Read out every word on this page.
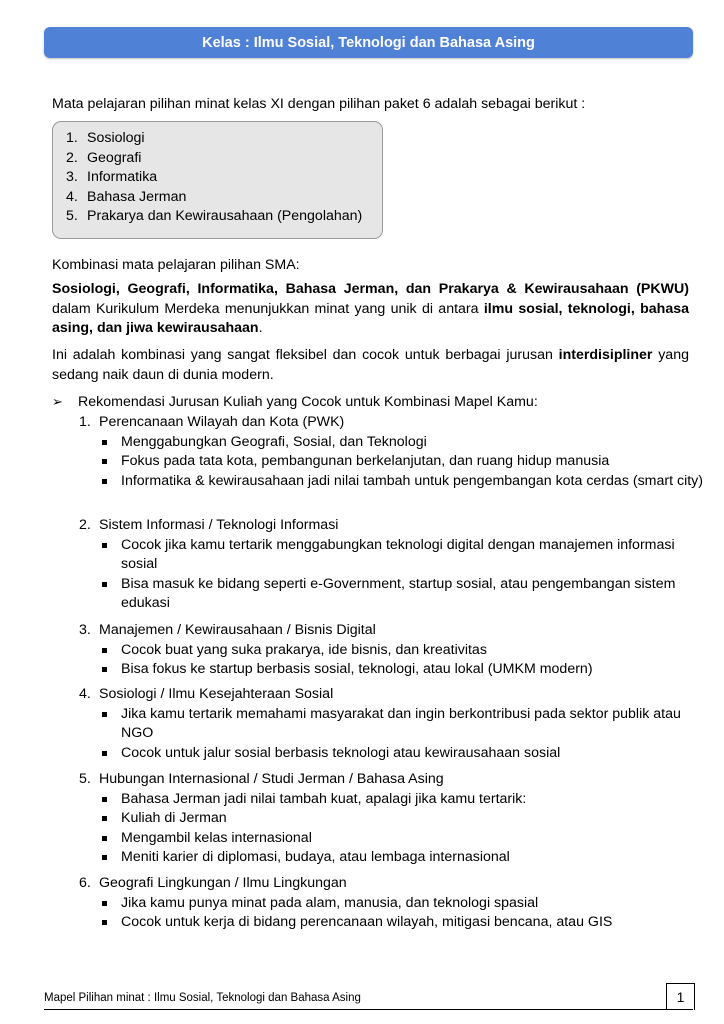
Kelas : Ilmu Sosial, Teknologi dan Bahasa Asing
Mata pelajaran pilihan minat kelas XI dengan pilihan paket 6 adalah sebagai berikut :
1. Sosiologi
2. Geografi
3. Informatika
4. Bahasa Jerman
5. Prakarya dan Kewirausahaan (Pengolahan)
Kombinasi mata pelajaran pilihan SMA:
Sosiologi, Geografi, Informatika, Bahasa Jerman, dan Prakarya & Kewirausahaan (PKWU) dalam Kurikulum Merdeka menunjukkan minat yang unik di antara ilmu sosial, teknologi, bahasa asing, dan jiwa kewirausahaan.
Ini adalah kombinasi yang sangat fleksibel dan cocok untuk berbagai jurusan interdisipliner yang sedang naik daun di dunia modern.
➢ Rekomendasi Jurusan Kuliah yang Cocok untuk Kombinasi Mapel Kamu:
1. Perencanaan Wilayah dan Kota (PWK)
Menggabungkan Geografi, Sosial, dan Teknologi
Fokus pada tata kota, pembangunan berkelanjutan, dan ruang hidup manusia
Informatika & kewirausahaan jadi nilai tambah untuk pengembangan kota cerdas (smart city)
2. Sistem Informasi / Teknologi Informasi
Cocok jika kamu tertarik menggabungkan teknologi digital dengan manajemen informasi sosial
Bisa masuk ke bidang seperti e-Government, startup sosial, atau pengembangan sistem edukasi
3. Manajemen / Kewirausahaan / Bisnis Digital
Cocok buat yang suka prakarya, ide bisnis, dan kreativitas
Bisa fokus ke startup berbasis sosial, teknologi, atau lokal (UMKM modern)
4. Sosiologi / Ilmu Kesejahteraan Sosial
Jika kamu tertarik memahami masyarakat dan ingin berkontribusi pada sektor publik atau NGO
Cocok untuk jalur sosial berbasis teknologi atau kewirausahaan sosial
5. Hubungan Internasional / Studi Jerman / Bahasa Asing
Bahasa Jerman jadi nilai tambah kuat, apalagi jika kamu tertarik:
Kuliah di Jerman
Mengambil kelas internasional
Meniti karier di diplomasi, budaya, atau lembaga internasional
6. Geografi Lingkungan / Ilmu Lingkungan
Jika kamu punya minat pada alam, manusia, dan teknologi spasial
Cocok untuk kerja di bidang perencanaan wilayah, mitigasi bencana, atau GIS
Mapel Pilihan minat : Ilmu Sosial, Teknologi dan Bahasa Asing	1
